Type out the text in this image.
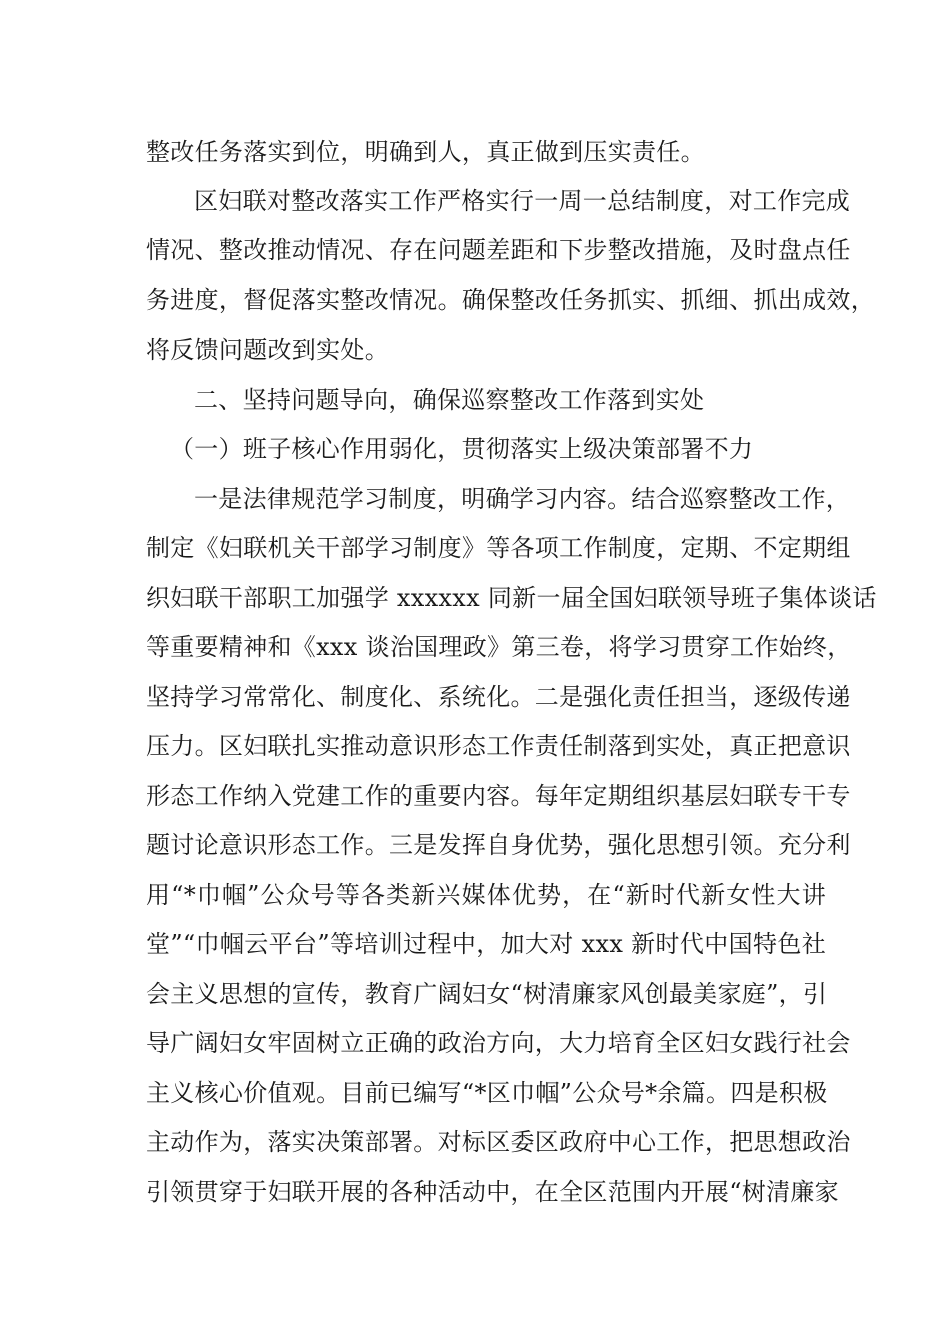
整改任务落实到位，明确到人，真正做到压实责任。
区妇联对整改落实工作严格实行一周一总结制度，对工作完成
情况、整改推动情况、存在问题差距和下步整改措施，及时盘点任
务进度，督促落实整改情况。确保整改任务抓实、抓细、抓出成效，
将反馈问题改到实处。
二、坚持问题导向，确保巡察整改工作落到实处
（一）班子核心作用弱化，贯彻落实上级决策部署不力
一是法律规范学习制度，明确学习内容。结合巡察整改工作，
制定《妇联机关干部学习制度》等各项工作制度，定期、不定期组
织妇联干部职工加强学 xxxxxx 同新一届全国妇联领导班子集体谈话
等重要精神和《xxx 谈治国理政》第三卷，将学习贯穿工作始终，
坚持学习常常化、制度化、系统化。二是强化责任担当，逐级传递
压力。区妇联扎实推动意识形态工作责任制落到实处，真正把意识
形态工作纳入党建工作的重要内容。每年定期组织基层妇联专干专
题讨论意识形态工作。三是发挥自身优势，强化思想引领。充分利
用“*巾帼”公众号等各类新兴媒体优势，在“新时代新女性大讲
堂”“巾帼云平台”等培训过程中，加大对 xxx 新时代中国特色社
会主义思想的宣传，教育广阔妇女“树清廉家风创最美家庭”，引
导广阔妇女牢固树立正确的政治方向，大力培育全区妇女践行社会
主义核心价值观。目前已编写“*区巾帼”公众号*余篇。四是积极
主动作为，落实决策部署。对标区委区政府中心工作，把思想政治
引领贯穿于妇联开展的各种活动中，在全区范围内开展“树清廉家
